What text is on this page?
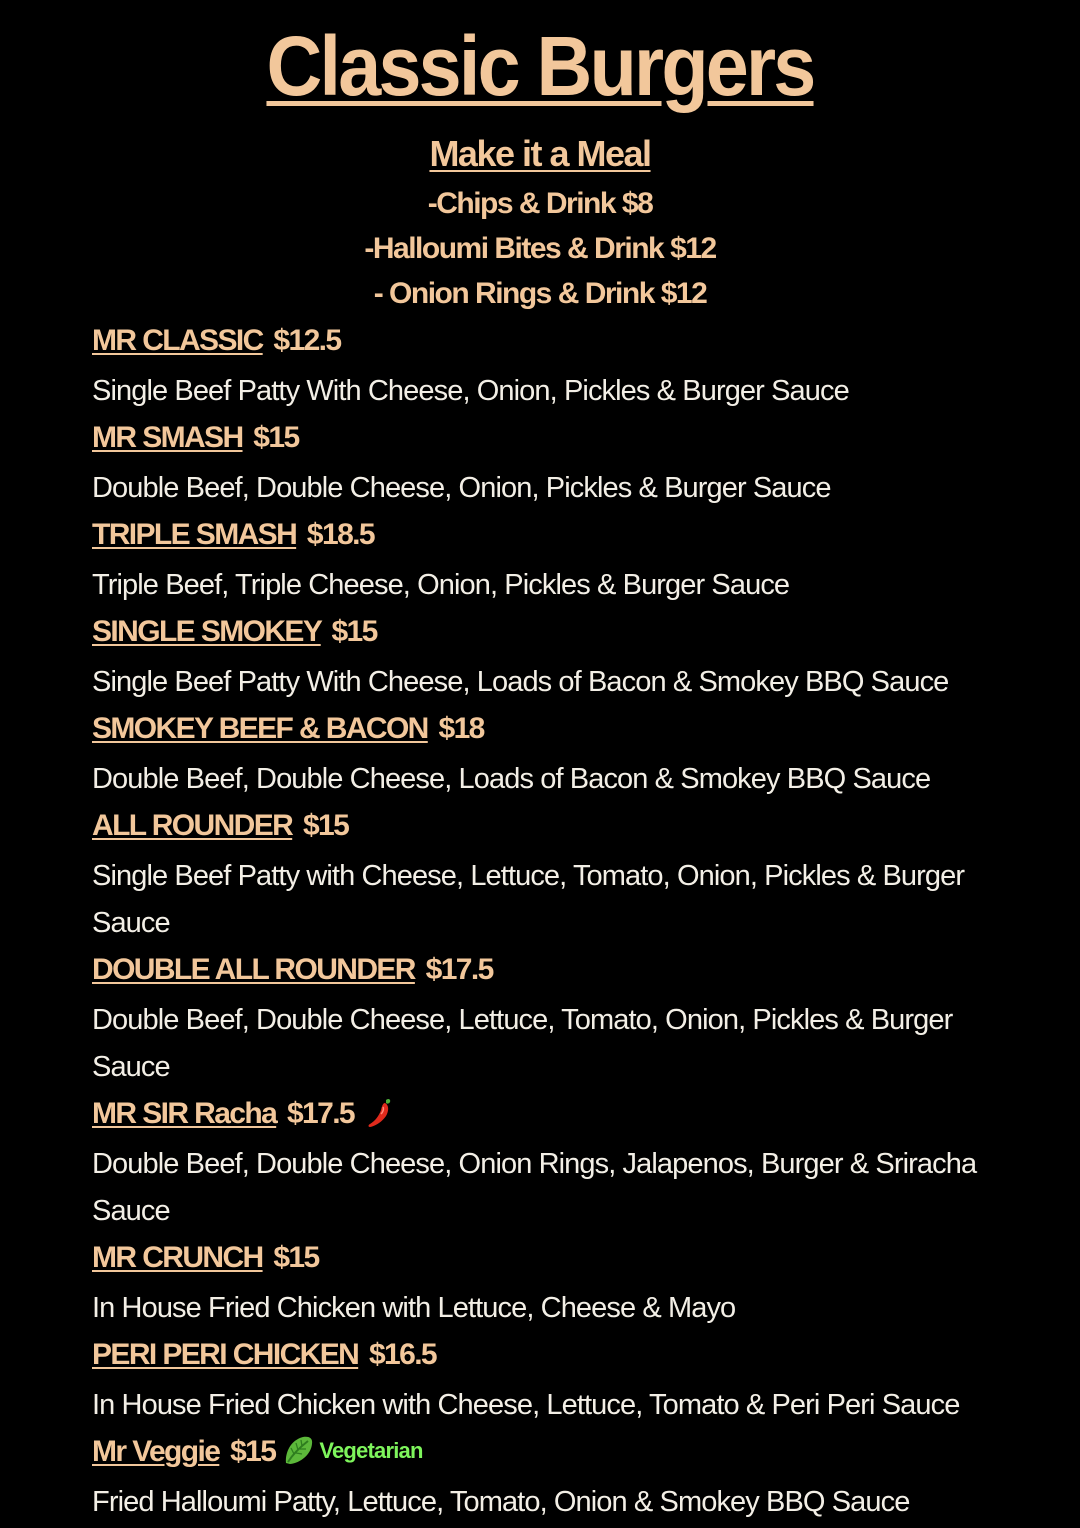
Classic Burgers
Make it a Meal
-Chips & Drink $8
-Halloumi Bites & Drink $12
- Onion Rings & Drink $12
MR CLASSIC $12.5

Single Beef Patty With Cheese, Onion, Pickles & Burger Sauce

MR SMASH $15

Double Beef, Double Cheese, Onion, Pickles & Burger Sauce

TRIPLE SMASH $18.5

Triple Beef, Triple Cheese, Onion, Pickles & Burger Sauce

SINGLE SMOKEY $15

Single Beef Patty With Cheese, Loads of Bacon & Smokey BBQ Sauce

SMOKEY BEEF & BACON $18

Double Beef, Double Cheese, Loads of Bacon & Smokey BBQ Sauce

ALL ROUNDER $15

Single Beef Patty with Cheese, Lettuce, Tomato, Onion, Pickles & Burger Sauce

DOUBLE ALL ROUNDER $17.5

Double Beef, Double Cheese, Lettuce, Tomato, Onion, Pickles & Burger Sauce

MR SIR Racha $17.5

Double Beef, Double Cheese, Onion Rings, Jalapenos, Burger & Sriracha Sauce

MR CRUNCH $15

In House Fried Chicken with Lettuce, Cheese & Mayo

PERI PERI CHICKEN $16.5

In House Fried Chicken with Cheese, Lettuce, Tomato & Peri Peri Sauce

Mr Veggie $15 Vegetarian

Fried Halloumi Patty, Lettuce, Tomato, Onion & Smokey BBQ Sauce
